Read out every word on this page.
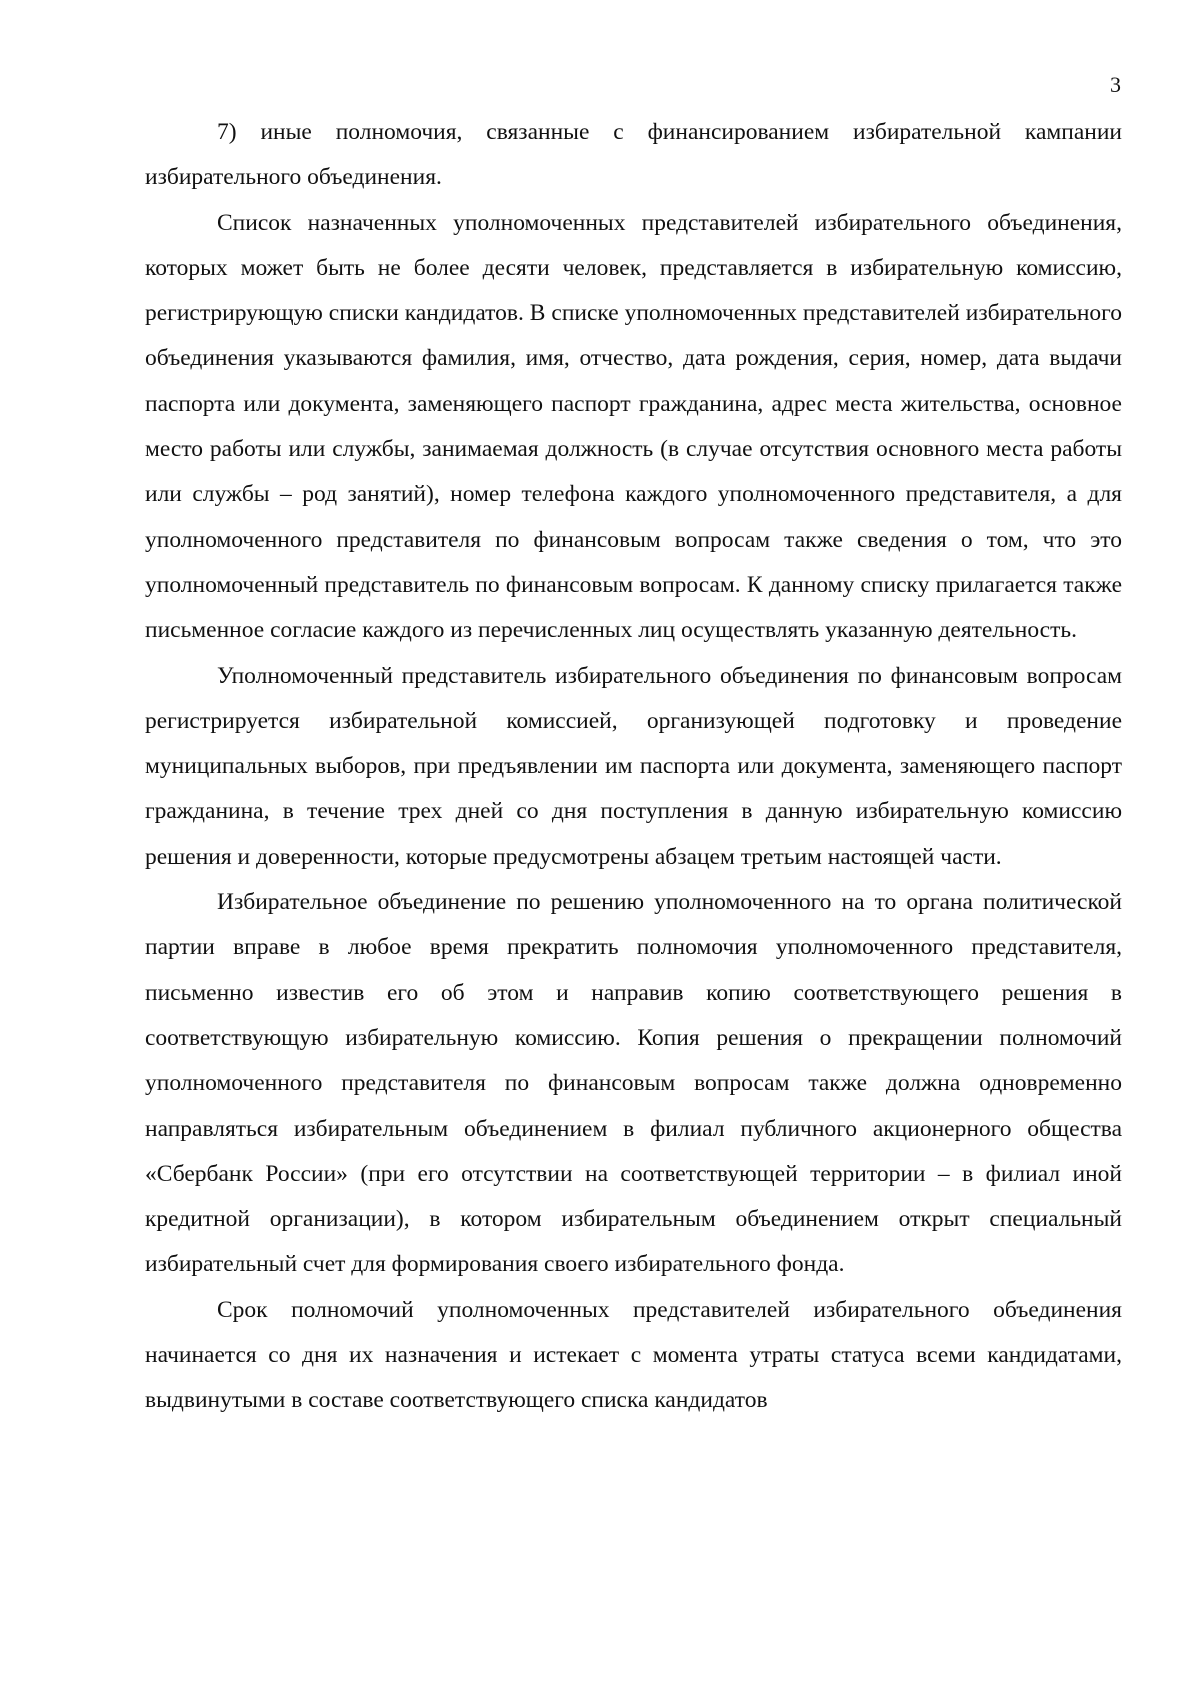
3

7) иные полномочия, связанные с финансированием избирательной кампании избирательного объединения.

Список назначенных уполномоченных представителей избирательного объединения, которых может быть не более десяти человек, представляется в избирательную комиссию, регистрирующую списки кандидатов. В списке уполномоченных представителей избирательного объединения указываются фамилия, имя, отчество, дата рождения, серия, номер, дата выдачи паспорта или документа, заменяющего паспорт гражданина, адрес места жительства, основное место работы или службы, занимаемая должность (в случае отсутствия основного места работы или службы – род занятий), номер телефона каждого уполномоченного представителя, а для уполномоченного представителя по финансовым вопросам также сведения о том, что это уполномоченный представитель по финансовым вопросам. К данному списку прилагается также письменное согласие каждого из перечисленных лиц осуществлять указанную деятельность.

Уполномоченный представитель избирательного объединения по финансовым вопросам регистрируется избирательной комиссией, организующей подготовку и проведение муниципальных выборов, при предъявлении им паспорта или документа, заменяющего паспорт гражданина, в течение трех дней со дня поступления в данную избирательную комиссию решения и доверенности, которые предусмотрены абзацем третьим настоящей части.

Избирательное объединение по решению уполномоченного на то органа политической партии вправе в любое время прекратить полномочия уполномоченного представителя, письменно известив его об этом и направив копию соответствующего решения в соответствующую избирательную комиссию. Копия решения о прекращении полномочий уполномоченного представителя по финансовым вопросам также должна одновременно направляться избирательным объединением в филиал публичного акционерного общества «Сбербанк России» (при его отсутствии на соответствующей территории – в филиал иной кредитной организации), в котором избирательным объединением открыт специальный избирательный счет для формирования своего избирательного фонда.

Срок полномочий уполномоченных представителей избирательного объединения начинается со дня их назначения и истекает с момента утраты статуса всеми кандидатами, выдвинутыми в составе соответствующего списка кандидатов
